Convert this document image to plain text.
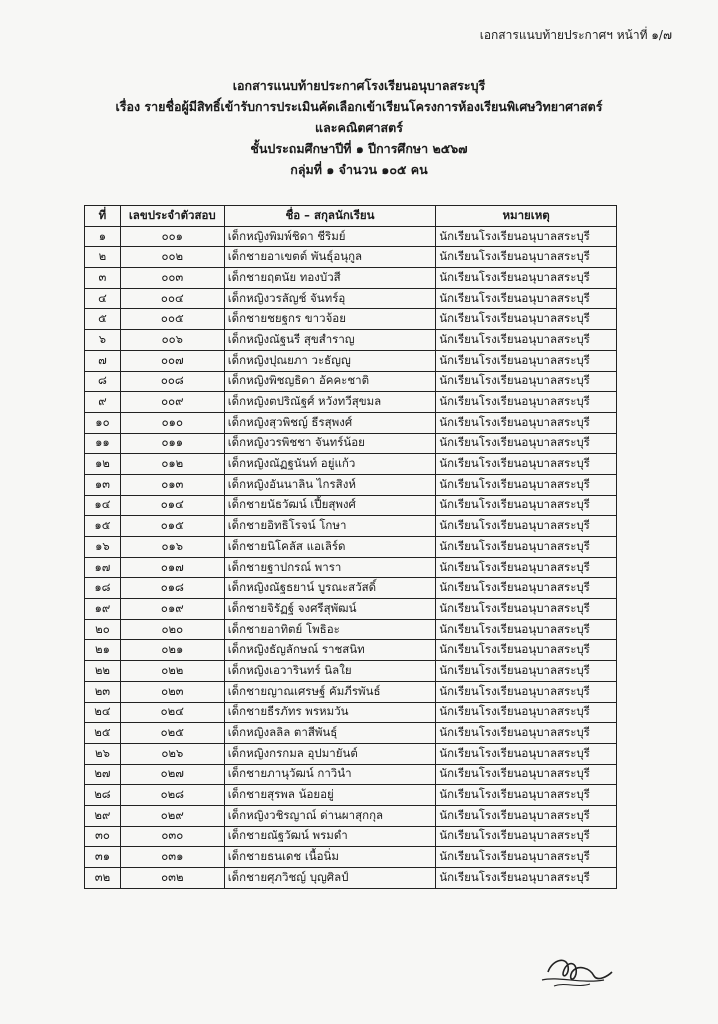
เอกสารแนบท้ายประกาศฯ หน้าที่ ๑/๗
เอกสารแนบท้ายประกาศโรงเรียนอนุบาลสระบุรี
เรื่อง รายชื่อผู้มีสิทธิ์เข้ารับการประเมินคัดเลือกเข้าเรียนโครงการห้องเรียนพิเศษวิทยาศาสตร์
และคณิตศาสตร์
ชั้นประถมศึกษาปีที่ ๑ ปีการศึกษา ๒๕๖๗
กลุ่มที่ ๑ จำนวน ๑๐๕ คน
ที่	เลขประจำตัวสอบ	ชื่อ – สกุลนักเรียน	หมายเหตุ
๑	๐๐๑	เด็กหญิงพิมพ์ชิดา ชีริมย์	นักเรียนโรงเรียนอนุบาลสระบุรี
๒	๐๐๒	เด็กชายอาเขตต์ พันธุ์อนุกูล	นักเรียนโรงเรียนอนุบาลสระบุรี
๓	๐๐๓	เด็กชายฤตนัย ทองบัวสี	นักเรียนโรงเรียนอนุบาลสระบุรี
๔	๐๐๔	เด็กหญิงวรลัญช์ จันทร์อุ	นักเรียนโรงเรียนอนุบาลสระบุรี
๕	๐๐๕	เด็กชายชยฐกร ขาวจ้อย	นักเรียนโรงเรียนอนุบาลสระบุรี
๖	๐๐๖	เด็กหญิงณัฐนรี สุขสำราญ	นักเรียนโรงเรียนอนุบาลสระบุรี
๗	๐๐๗	เด็กหญิงปุณยภา วะธัญญู	นักเรียนโรงเรียนอนุบาลสระบุรี
๘	๐๐๘	เด็กหญิงพิชญธิดา อัคคะชาติ	นักเรียนโรงเรียนอนุบาลสระบุรี
๙	๐๐๙	เด็กหญิงตปริณัฐศ์ หวังทวีสุขมล	นักเรียนโรงเรียนอนุบาลสระบุรี
๑๐	๐๑๐	เด็กหญิงสุวพิชญ์ ธีรสุพงศ์	นักเรียนโรงเรียนอนุบาลสระบุรี
๑๑	๐๑๑	เด็กหญิงวรพิชชา จันทร์น้อย	นักเรียนโรงเรียนอนุบาลสระบุรี
๑๒	๐๑๒	เด็กหญิงณัฏฐนันท์ อยู่แก้ว	นักเรียนโรงเรียนอนุบาลสระบุรี
๑๓	๐๑๓	เด็กหญิงอันนาลิน ไกรสิงห์	นักเรียนโรงเรียนอนุบาลสระบุรี
๑๔	๐๑๔	เด็กชายนัธวัฒน์ เปี้ยสุพงศ์	นักเรียนโรงเรียนอนุบาลสระบุรี
๑๕	๐๑๕	เด็กชายอิทธิโรจน์ โกษา	นักเรียนโรงเรียนอนุบาลสระบุรี
๑๖	๐๑๖	เด็กชายนิโคลัส แอเลิร์ด	นักเรียนโรงเรียนอนุบาลสระบุรี
๑๗	๐๑๗	เด็กชายฐาปกรณ์ พารา	นักเรียนโรงเรียนอนุบาลสระบุรี
๑๘	๐๑๘	เด็กหญิงณัฐธยาน์ บูรณะสวัสดิ์	นักเรียนโรงเรียนอนุบาลสระบุรี
๑๙	๐๑๙	เด็กชายจิรัฏฐ์ จงศรีสุพัฒน์	นักเรียนโรงเรียนอนุบาลสระบุรี
๒๐	๐๒๐	เด็กชายอาทิตย์ โพธิอะ	นักเรียนโรงเรียนอนุบาลสระบุรี
๒๑	๐๒๑	เด็กหญิงธัญลักษณ์ ราชสนิท	นักเรียนโรงเรียนอนุบาลสระบุรี
๒๒	๐๒๒	เด็กหญิงเอวารินทร์ นิลใย	นักเรียนโรงเรียนอนุบาลสระบุรี
๒๓	๐๒๓	เด็กชายญาณเศรษฐ์ คัมภีรพันธ์	นักเรียนโรงเรียนอนุบาลสระบุรี
๒๔	๐๒๔	เด็กชายธีรภัทร พรหมวัน	นักเรียนโรงเรียนอนุบาลสระบุรี
๒๕	๐๒๕	เด็กหญิงลลิล ตาสีพันธุ์	นักเรียนโรงเรียนอนุบาลสระบุรี
๒๖	๐๒๖	เด็กหญิงกรกมล อุปมายันต์	นักเรียนโรงเรียนอนุบาลสระบุรี
๒๗	๐๒๗	เด็กชายภานุวัฒน์ กาวินำ	นักเรียนโรงเรียนอนุบาลสระบุรี
๒๘	๐๒๘	เด็กชายสุรพล น้อยอยู่	นักเรียนโรงเรียนอนุบาลสระบุรี
๒๙	๐๒๙	เด็กหญิงวชิรญาณ์ ด่านผาสุกกุล	นักเรียนโรงเรียนอนุบาลสระบุรี
๓๐	๐๓๐	เด็กชายณัฐวัฒน์ พรมดำ	นักเรียนโรงเรียนอนุบาลสระบุรี
๓๑	๐๓๑	เด็กชายธนเดช เนื้อนิ่ม	นักเรียนโรงเรียนอนุบาลสระบุรี
๓๒	๐๓๒	เด็กชายศุภวิชญ์ บุญศิลป์	นักเรียนโรงเรียนอนุบาลสระบุรี
